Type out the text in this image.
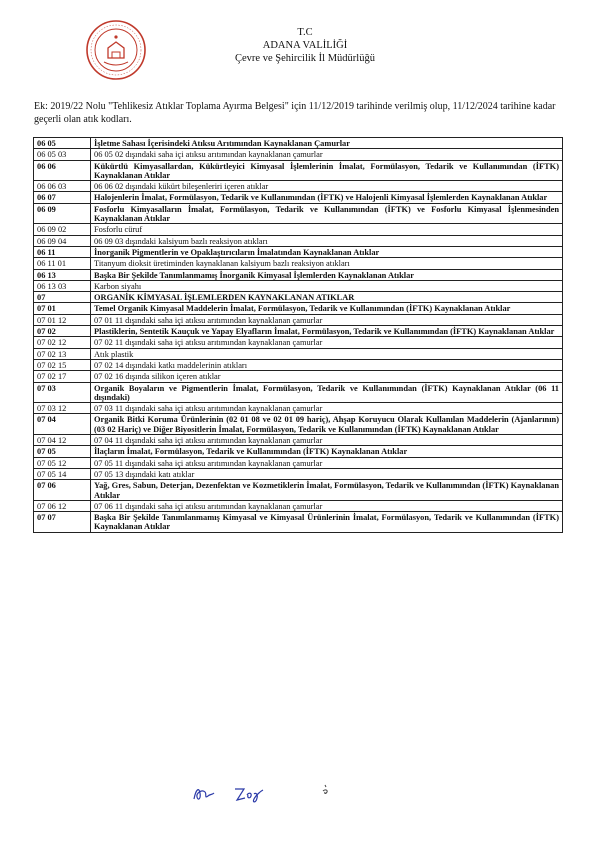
T.C
ADANA VALİLİĞİ
Çevre ve Şehircilik İl Müdürlüğü
Ek: 2019/22 Nolu "Tehlikesiz Atıklar Toplama Ayırma Belgesi" için 11/12/2019 tarihinde verilmiş olup, 11/12/2024 tarihine kadar geçerli olan atık kodları.
06 05	İşletme Sahası İçerisindeki Atıksu Arıtımından Kaynaklanan Çamurlar
06 05 03	06 05 02 dışındaki saha içi atıksu arıtımından kaynaklanan çamurlar
06 06	Kükürtlü Kimyasallardan, Kükürtleyici Kimyasal İşlemlerinin İmalat, Formülasyon, Tedarik ve Kullanımından (İFTK) Kaynaklanan Atıklar
06 06 03	06 06 02 dışındaki kükürt bileşenleriri içeren atıklar
06 07	Halojenlerin İmalat, Formülasyon, Tedarik ve Kullanımından (İFTK) ve Halojenli Kimyasal İşlemlerden Kaynaklanan Atıklar
06 09	Fosforlu Kimyasalların İmalat, Formülasyon, Tedarik ve Kullanımından (İFTK) ve Fosforlu Kimyasal İşlenmesinden Kaynaklanan Atıklar
06 09 02	Fosforlu cüruf
06 09 04	06 09 03 dışındaki kalsiyum bazlı reaksiyon atıkları
06 11	İnorganik Pigmentlerin ve Opaklaştırıcıların İmalatından Kaynaklanan Atıklar
06 11 01	Titanyum dioksit üretiminden kaynaklanan kalsiyum bazlı reaksiyon atıkları
06 13	Başka Bir Şekilde Tanımlanmamış İnorganik Kimyasal İşlemlerden Kaynaklanan Atıklar
06 13 03	Karbon siyahı
07	ORGANİK KİMYASAL İŞLEMLERDEN KAYNAKLANAN ATIKLAR
07 01	Temel Organik Kimyasal Maddelerin İmalat, Formülasyon, Tedarik ve Kullanımından (İFTK) Kaynaklanan Atıklar
07 01 12	07 01 11 dışındaki saha içi atıksu arıtımından kaynaklanan çamurlar
07 02	Plastiklerin, Sentetik Kauçuk ve Yapay Elyafların İmalat, Formülasyon, Tedarik ve Kullanımından (İFTK) Kaynaklanan Atıklar
07 02 12	07 02 11 dışındaki saha içi atıksu arıtımından kaynaklanan çamurlar
07 02 13	Atık plastik
07 02 15	07 02 14 dışındaki katkı maddelerinin atıkları
07 02 17	07 02 16 dışında silikon içeren atıklar
07 03	Organik Boyaların ve Pigmentlerin İmalat, Formülasyon, Tedarik ve Kullanımından (İFTK) Kaynaklanan Atıklar (06 11 dışındaki)
07 03 12	07 03 11 dışındaki saha içi atıksu arıtımından kaynaklanan çamurlar
07 04	Organik Bitki Koruma Ürünlerinin (02 01 08 ve 02 01 09 hariç), Ahşap Koruyucu Olarak Kullanılan Maddelerin (Ajanlarının) (03 02 Hariç) ve Diğer Biyositlerin İmalat, Formülasyon, Tedarik ve Kullanımından (İFTK) Kaynaklanan Atıklar
07 04 12	07 04 11 dışındaki saha içi atıksu arıtımından kaynaklanan çamurlar
07 05	İlaçların İmalat, Formülasyon, Tedarik ve Kullanımından (İFTK) Kaynaklanan Atıklar
07 05 12	07 05 11 dışındaki saha içi atıksu arıtımından kaynaklanan çamurlar
07 05 14	07 05 13 dışındaki katı atıklar
07 06	Yağ, Gres, Sabun, Deterjan, Dezenfektan ve Kozmetiklerin İmalat, Formülasyon, Tedarik ve Kullanımından (İFTK) Kaynaklanan Atıklar
07 06 12	07 06 11 dışındaki saha içi atıksu arıtımından kaynaklanan çamurlar
07 07	Başka Bir Şekilde Tanımlanmamış Kimyasal ve Kimyasal Ürünlerinin İmalat, Formülasyon, Tedarik ve Kullanımından (İFTK) Kaynaklanan Atıklar
